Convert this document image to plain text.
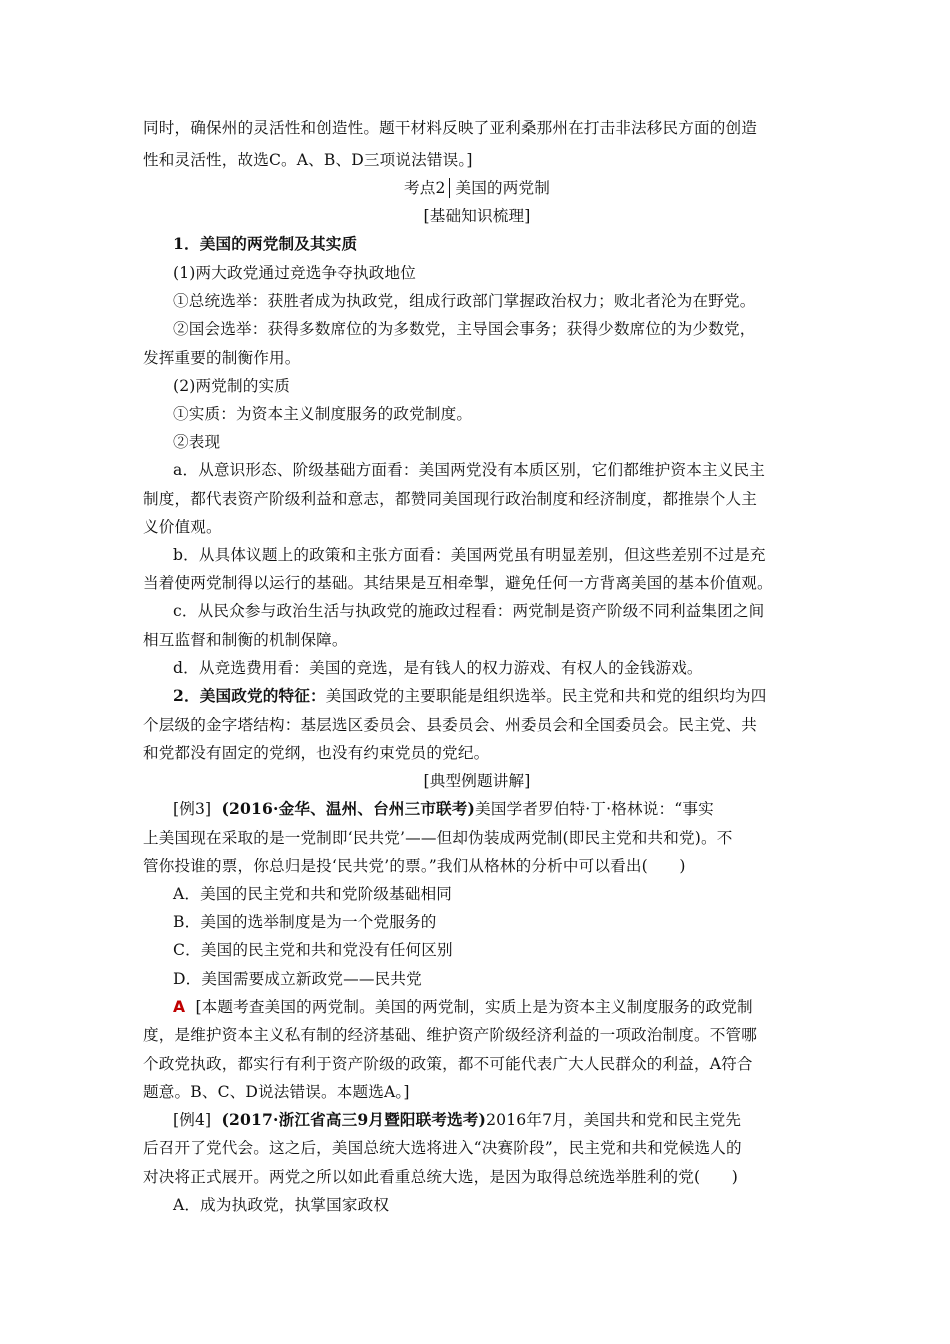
同时，确保州的灵活性和创造性。题干材料反映了亚利桑那州在打击非法移民方面的创造
性和灵活性，故选C。A、B、D三项说法错误。]
考点2 美国的两党制
[基础知识梳理]
1．美国的两党制及其实质
(1)两大政党通过竞选争夺执政地位
①总统选举：获胜者成为执政党，组成行政部门掌握政治权力；败北者沦为在野党。
②国会选举：获得多数席位的为多数党，主导国会事务；获得少数席位的为少数党，
发挥重要的制衡作用。
(2)两党制的实质
①实质：为资本主义制度服务的政党制度。
②表现
a．从意识形态、阶级基础方面看：美国两党没有本质区别，它们都维护资本主义民主
制度，都代表资产阶级利益和意志，都赞同美国现行政治制度和经济制度，都推崇个人主
义价值观。
b．从具体议题上的政策和主张方面看：美国两党虽有明显差别，但这些差别不过是充
当着使两党制得以运行的基础。其结果是互相牵掣，避免任何一方背离美国的基本价值观。
c．从民众参与政治生活与执政党的施政过程看：两党制是资产阶级不同利益集团之间
相互监督和制衡的机制保障。
d．从竞选费用看：美国的竞选，是有钱人的权力游戏、有权人的金钱游戏。
2．美国政党的特征：美国政党的主要职能是组织选举。民主党和共和党的组织均为四
个层级的金字塔结构：基层选区委员会、县委员会、州委员会和全国委员会。民主党、共
和党都没有固定的党纲，也没有约束党员的党纪。
[典型例题讲解]
[例3] (2016·金华、温州、台州三市联考)美国学者罗伯特·丁·格林说：“事实
上美国现在采取的是一党制即‘民共党’——但却伪装成两党制(即民主党和共和党)。不
管你投谁的票，你总归是投‘民共党’的票。”我们从格林的分析中可以看出(　　)
A．美国的民主党和共和党阶级基础相同
B．美国的选举制度是为一个党服务的
C．美国的民主党和共和党没有任何区别
D．美国需要成立新政党——民共党
A [本题考查美国的两党制。美国的两党制，实质上是为资本主义制度服务的政党制
度，是维护资本主义私有制的经济基础、维护资产阶级经济利益的一项政治制度。不管哪
个政党执政，都实行有利于资产阶级的政策，都不可能代表广大人民群众的利益，A符合
题意。B、C、D说法错误。本题选A。]
[例4] (2017·浙江省高三9月暨阳联考选考)2016年7月，美国共和党和民主党先
后召开了党代会。这之后，美国总统大选将进入“决赛阶段”，民主党和共和党候选人的
对决将正式展开。两党之所以如此看重总统大选，是因为取得总统选举胜利的党(　　)
A．成为执政党，执掌国家政权
